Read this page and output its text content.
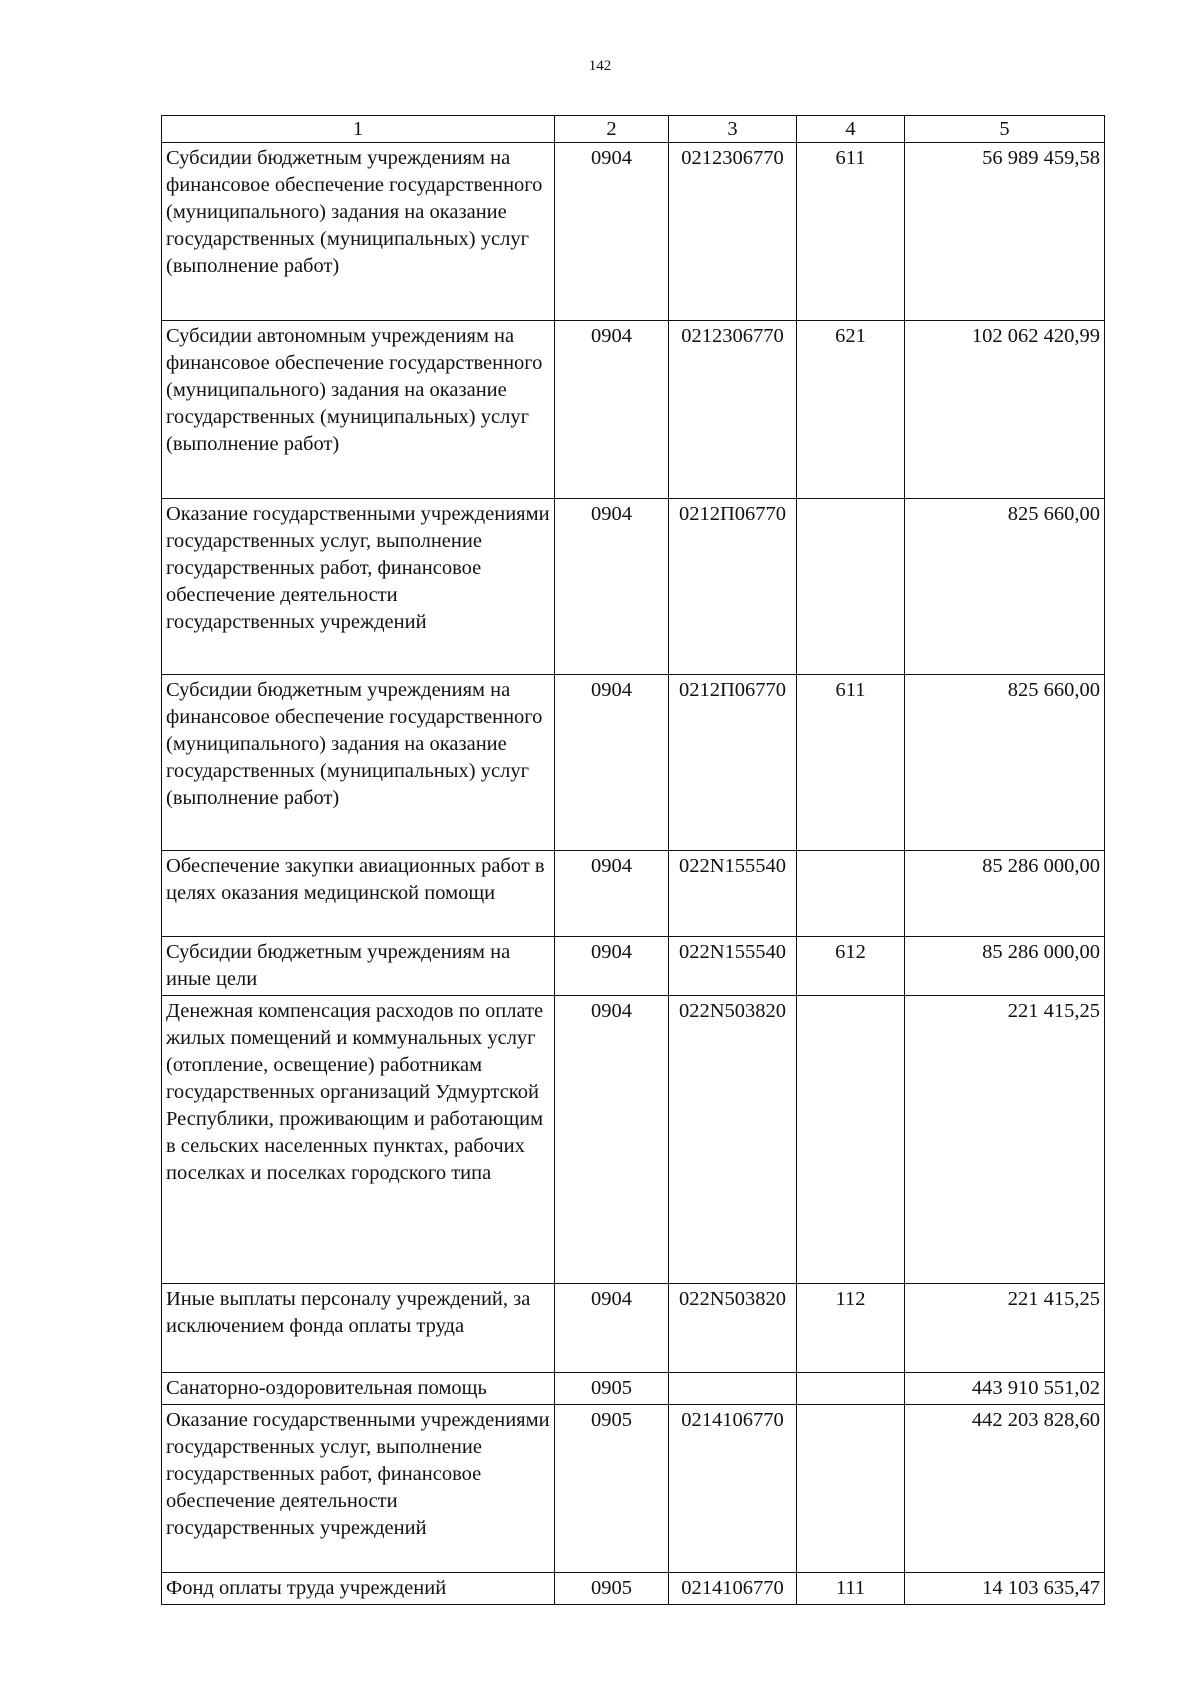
142
1	2	3	4	5
Субсидии бюджетным учреждениям на финансовое обеспечение государственного (муниципального) задания на оказание государственных (муниципальных) услуг (выполнение работ)	0904	0212306770	611	56 989 459,58
Субсидии автономным учреждениям на финансовое обеспечение государственного (муниципального) задания на оказание государственных (муниципальных) услуг (выполнение работ)	0904	0212306770	621	102 062 420,99
Оказание государственными учреждениями государственных услуг, выполнение государственных работ, финансовое обеспечение деятельности государственных учреждений	0904	0212П06770		825 660,00
Субсидии бюджетным учреждениям на финансовое обеспечение государственного (муниципального) задания на оказание государственных (муниципальных) услуг (выполнение работ)	0904	0212П06770	611	825 660,00
Обеспечение закупки авиационных работ в целях оказания медицинской помощи	0904	022N155540		85 286 000,00
Субсидии бюджетным учреждениям на иные цели	0904	022N155540	612	85 286 000,00
Денежная компенсация расходов по оплате жилых помещений и коммунальных услуг (отопление, освещение) работникам государственных организаций Удмуртской Республики, проживающим и работающим в сельских населенных пунктах, рабочих поселках и поселках городского типа	0904	022N503820		221 415,25
Иные выплаты персоналу учреждений, за исключением фонда оплаты труда	0904	022N503820	112	221 415,25
Санаторно-оздоровительная помощь	0905			443 910 551,02
Оказание государственными учреждениями государственных услуг, выполнение государственных работ, финансовое обеспечение деятельности государственных учреждений	0905	0214106770		442 203 828,60
Фонд оплаты труда учреждений	0905	0214106770	111	14 103 635,47
